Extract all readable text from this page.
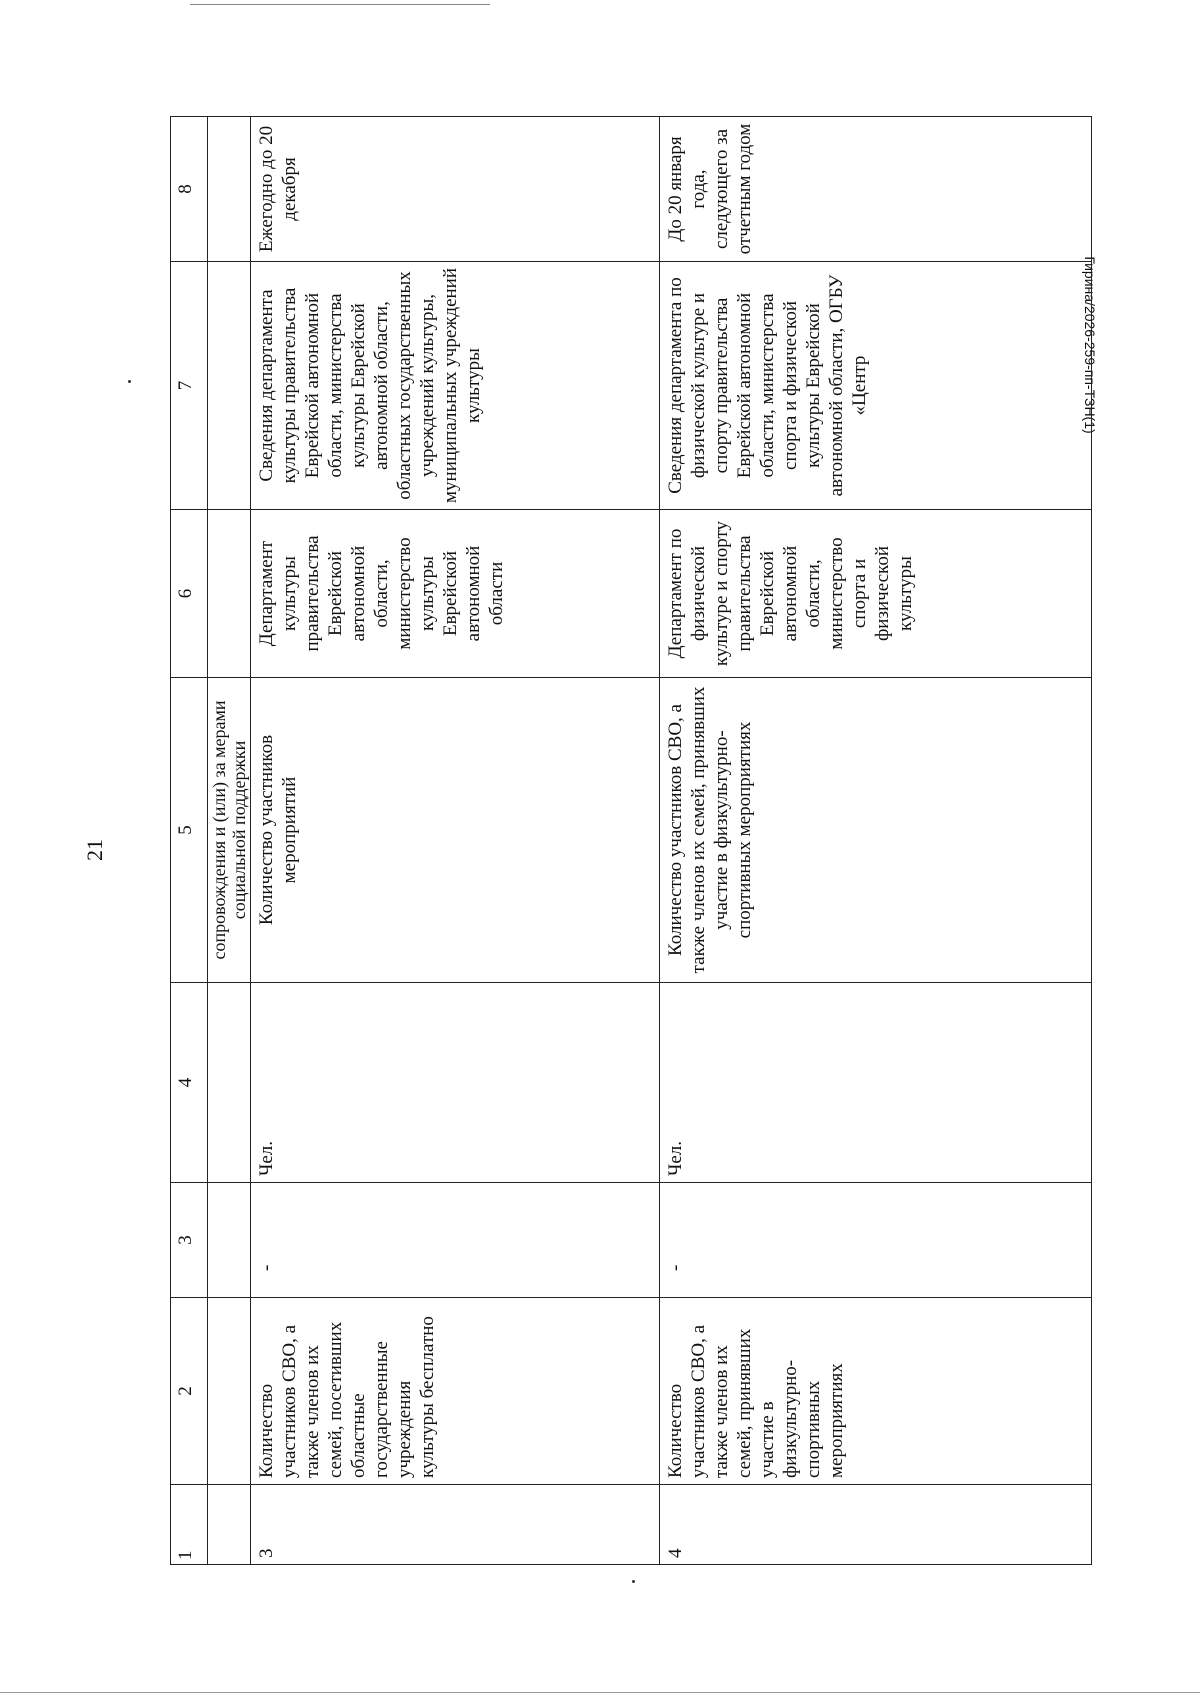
21
Гирина/2026-259-пп-ТЗН(1)
1	2	3	4	5	6	7	8
				сопровождения и (или) за мерами социальной поддержки			
3	Количество участников СВО, а также членов их семей, посетивших областные государственные учреждения культуры бесплатно	-	Чел.	Количество участников мероприятий	Департамент культуры правительства Еврейской автономной области, министерство культуры Еврейской автономной области	Сведения департамента культуры правительства Еврейской автономной области, министерства культуры Еврейской автономной области, областных государственных учреждений культуры, муниципальных учреждений культуры	Ежегодно до 20 декабря
4	Количество участников СВО, а также членов их семей, принявших участие в физкультурно-спортивных мероприятиях	-	Чел.	Количество участников СВО, а также членов их семей, принявших участие в физкультурно-спортивных мероприятиях	Департамент по физической культуре и спорту правительства Еврейской автономной области, министерство спорта и физической культуры	Сведения департамента по физической культуре и спорту правительства Еврейской автономной области, министерства спорта и физической культуры Еврейской автономной области, ОГБУ «Центр	До 20 января года, следующего за отчетным годом
